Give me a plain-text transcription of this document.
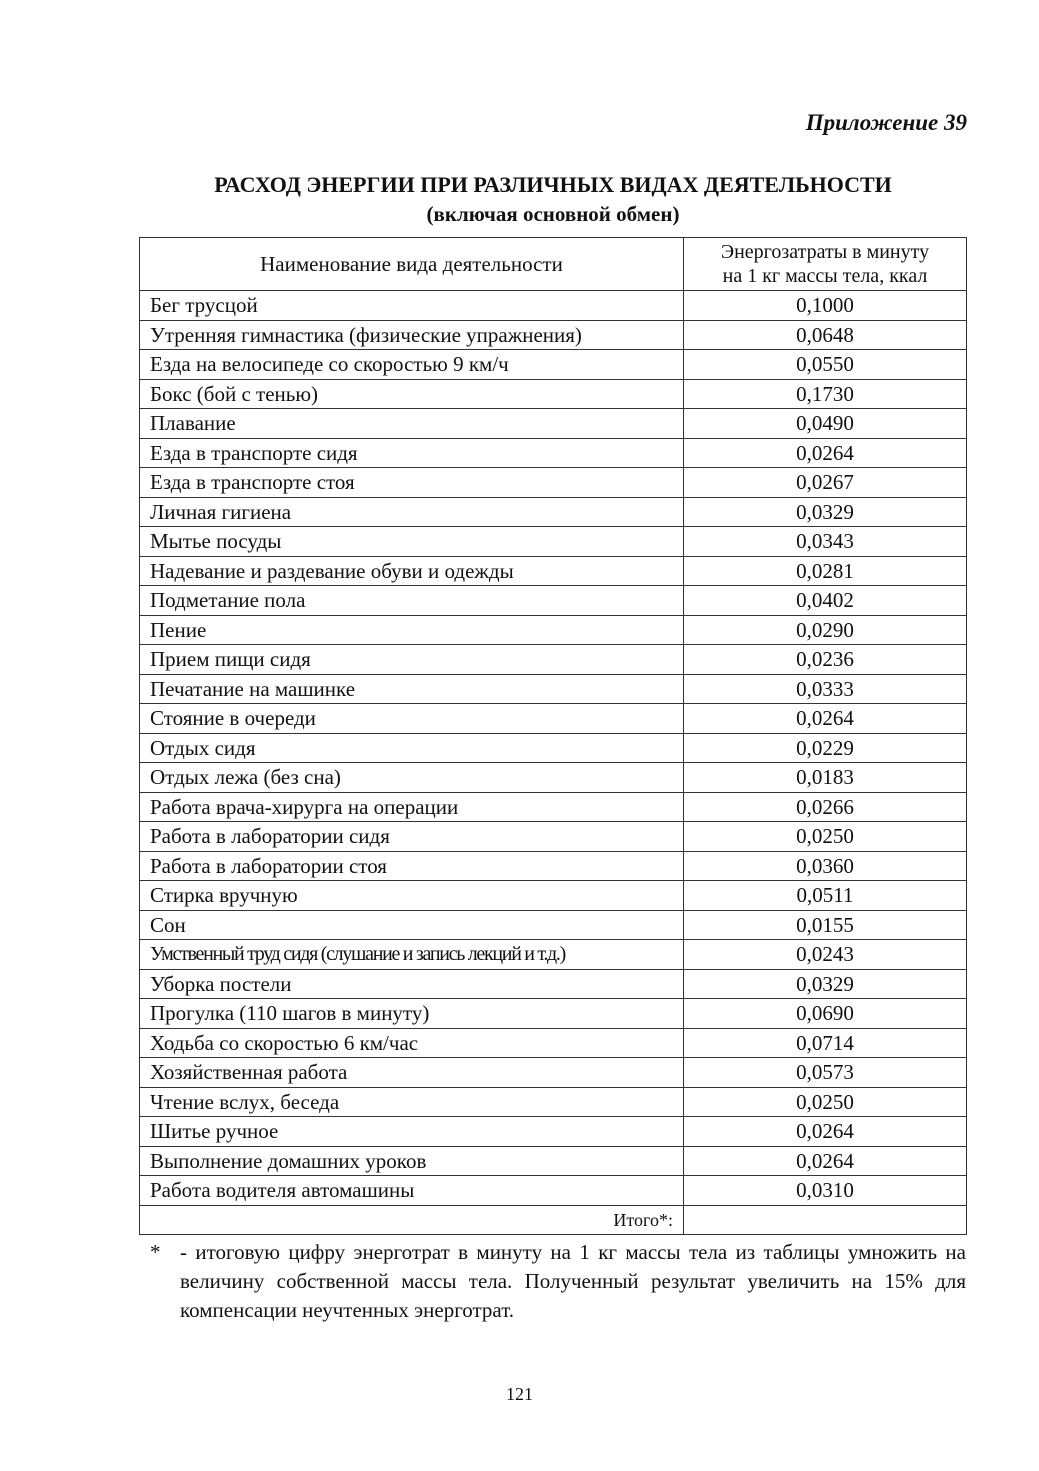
Приложение 39
РАСХОД ЭНЕРГИИ ПРИ РАЗЛИЧНЫХ ВИДАХ ДЕЯТЕЛЬНОСТИ
(включая основной обмен)
Наименование вида деятельности	Энергозатраты в минуту
на 1 кг массы тела, ккал
Бег трусцой	0,1000
Утренняя гимнастика (физические упражнения)	0,0648
Езда на велосипеде со скоростью 9 км/ч	0,0550
Бокс (бой с тенью)	0,1730
Плавание	0,0490
Езда в транспорте сидя	0,0264
Езда в транспорте стоя	0,0267
Личная гигиена	0,0329
Мытье посуды	0,0343
Надевание и раздевание обуви и одежды	0,0281
Подметание пола	0,0402
Пение	0,0290
Прием пищи сидя	0,0236
Печатание на машинке	0,0333
Стояние в очереди	0,0264
Отдых сидя	0,0229
Отдых лежа (без сна)	0,0183
Работа врача-хирурга на операции	0,0266
Работа в лаборатории сидя	0,0250
Работа в лаборатории стоя	0,0360
Стирка вручную	0,0511
Сон	0,0155
Умственный труд сидя (слушание и запись лекций и т.д.)	0,0243
Уборка постели	0,0329
Прогулка (110 шагов в минуту)	0,0690
Ходьба со скоростью 6 км/час	0,0714
Хозяйственная работа	0,0573
Чтение вслух, беседа	0,0250
Шитье ручное	0,0264
Выполнение домашних уроков	0,0264
Работа водителя автомашины	0,0310
Итого*:	
* - итоговую цифру энерготрат в минуту на 1 кг массы тела из таблицы умножить на величину собственной массы тела. Полученный результат увеличить на 15% для компенсации неучтенных энерготрат.
121
